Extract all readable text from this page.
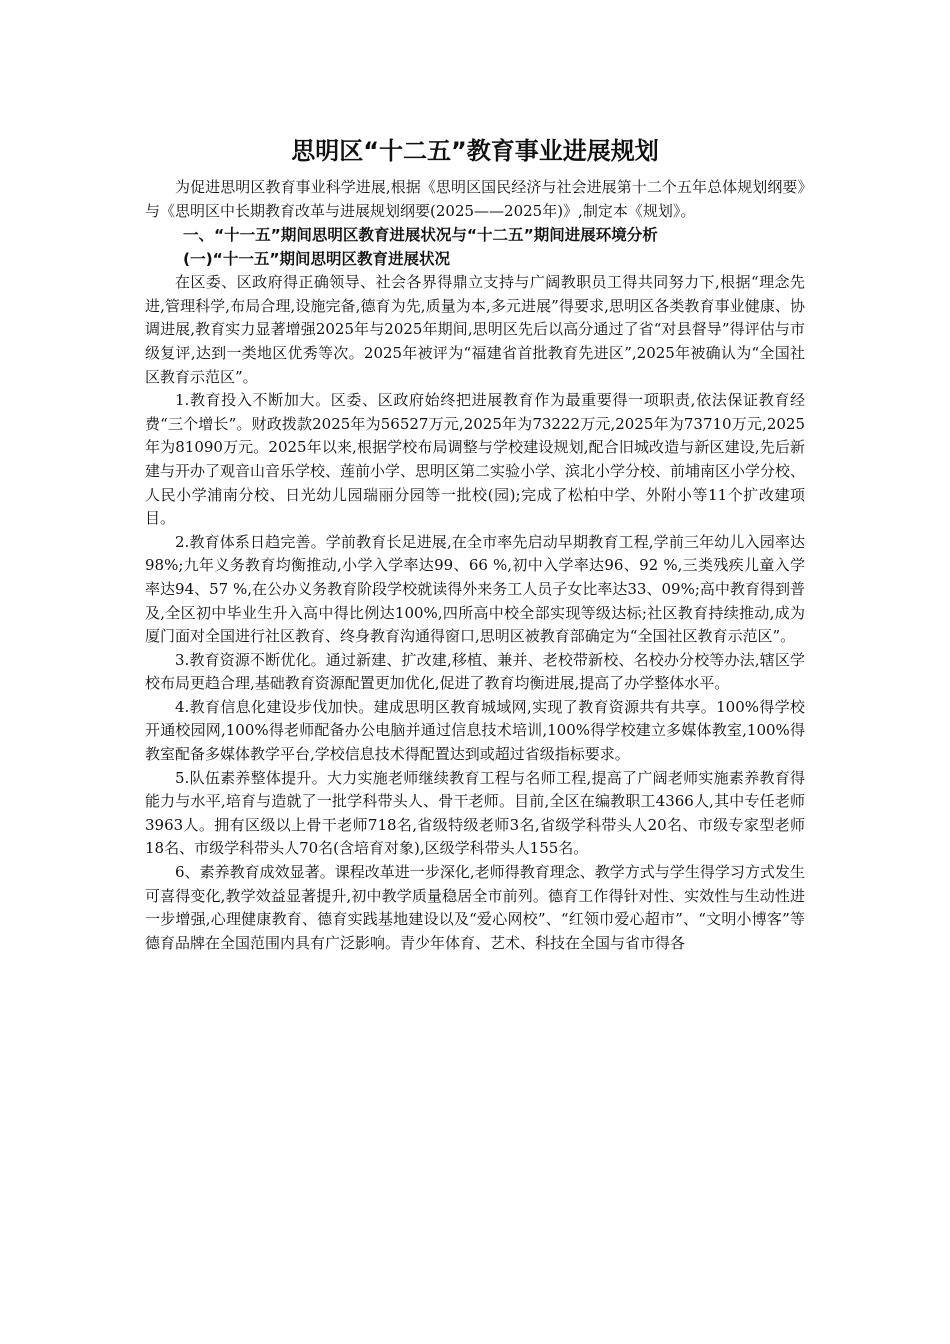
思明区“十二五”教育事业进展规划

为促进思明区教育事业科学进展,根据《思明区国民经济与社会进展第十二个五年总体规划纲要》与《思明区中长期教育改革与进展规划纲要(2025——2025年)》,制定本《规划》。

一、“十一五”期间思明区教育进展状况与“十二五”期间进展环境分析
(一)“十一五”期间思明区教育进展状况

在区委、区政府得正确领导、社会各界得鼎立支持与广阔教职员工得共同努力下,根据“理念先进,管理科学,布局合理,设施完备,德育为先,质量为本,多元进展”得要求,思明区各类教育事业健康、协调进展,教育实力显著增强2025年与2025年期间,思明区先后以高分通过了省“对县督导”得评估与市级复评,达到一类地区优秀等次。2025年被评为“福建省首批教育先进区”,2025年被确认为“全国社区教育示范区”。

1.教育投入不断加大。区委、区政府始终把进展教育作为最重要得一项职责,依法保证教育经费“三个增长”。财政拨款2025年为56527万元,2025年为73222万元,2025年为73710万元,2025年为81090万元。2025年以来,根据学校布局调整与学校建设规划,配合旧城改造与新区建设,先后新建与开办了观音山音乐学校、莲前小学、思明区第二实验小学、滨北小学分校、前埔南区小学分校、人民小学浦南分校、日光幼儿园瑞丽分园等一批校(园);完成了松柏中学、外附小等11个扩改建项目。

2.教育体系日趋完善。学前教育长足进展,在全市率先启动早期教育工程,学前三年幼儿入园率达98%;九年义务教育均衡推动,小学入学率达99、66 %,初中入学率达96、92 %,三类残疾儿童入学率达94、57 %,在公办义务教育阶段学校就读得外来务工人员子女比率达33、09%;高中教育得到普及,全区初中毕业生升入高中得比例达100%,四所高中校全部实现等级达标;社区教育持续推动,成为厦门面对全国进行社区教育、终身教育沟通得窗口,思明区被教育部确定为“全国社区教育示范区”。

3.教育资源不断优化。通过新建、扩改建,移植、兼并、老校带新校、名校办分校等办法,辖区学校布局更趋合理,基础教育资源配置更加优化,促进了教育均衡进展,提高了办学整体水平。

4.教育信息化建设步伐加快。建成思明区教育城域网,实现了教育资源共有共享。100%得学校开通校园网,100%得老师配备办公电脑并通过信息技术培训,100%得学校建立多媒体教室,100%得教室配备多媒体教学平台,学校信息技术得配置达到或超过省级指标要求。

5.队伍素养整体提升。大力实施老师继续教育工程与名师工程,提高了广阔老师实施素养教育得能力与水平,培育与造就了一批学科带头人、骨干老师。目前,全区在编教职工4366人,其中专任老师3963人。拥有区级以上骨干老师718名,省级特级老师3名,省级学科带头人20名、市级专家型老师18名、市级学科带头人70名(含培育对象),区级学科带头人155名。

6、素养教育成效显著。课程改革进一步深化,老师得教育理念、教学方式与学生得学习方式发生可喜得变化,教学效益显著提升,初中教学质量稳居全市前列。德育工作得针对性、实效性与生动性进一步增强,心理健康教育、德育实践基地建设以及“爱心网校”、“红领巾爱心超市”、“文明小博客”等德育品牌在全国范围内具有广泛影响。青少年体育、艺术、科技在全国与省市得各
